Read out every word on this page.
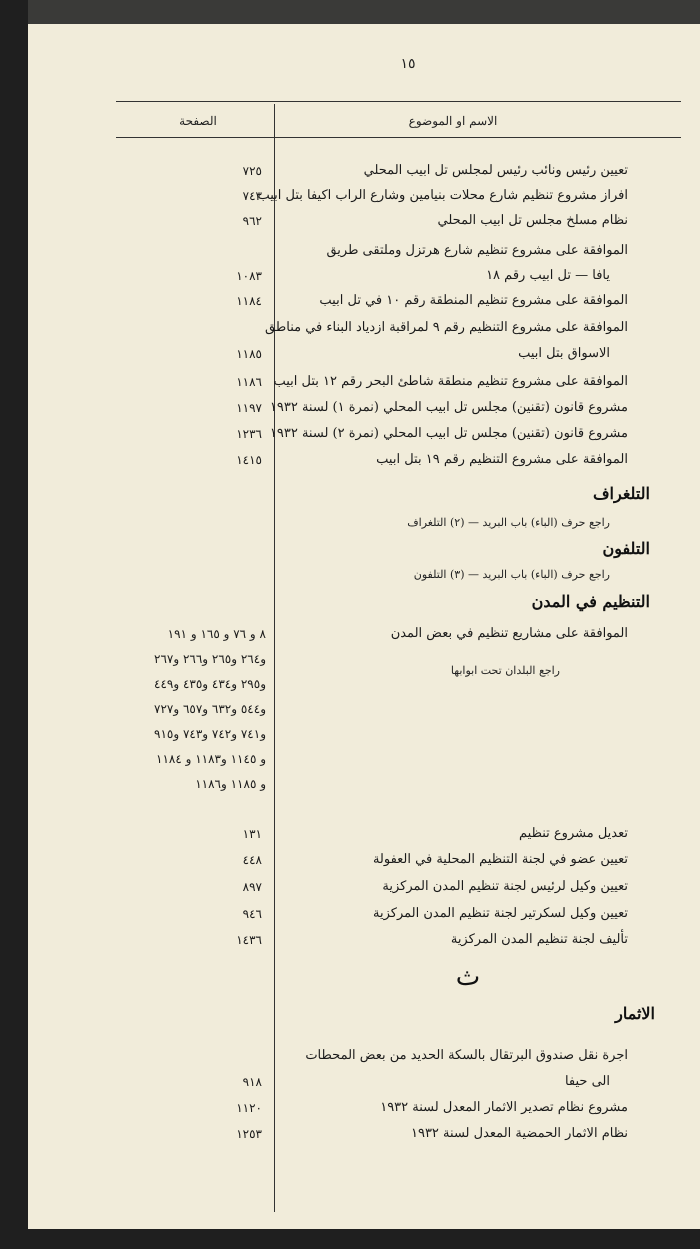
١٥
الاسم او الموضوع
الصفحة
تعيين رئيس ونائب رئيس لمجلس تل ابيب المحلي
٧٢٥
افراز مشروع تنظيم شارع محلات بنيامين وشارع الراب اكيفا بتل ابيب
٧٤٣
نظام مسلخ مجلس تل ابيب المحلي
٩٦٢
الموافقة على مشروع تنظيم شارع هرتزل وملتقى طريق
يافا — تل ابيب رقم ١٨
١٠٨٣
الموافقة على مشروع تنظيم المنطقة رقم ١٠ في تل ابيب
١١٨٤
الموافقة على مشروع التنظيم رقم ٩ لمراقبة ازدياد البناء في مناطق
الاسواق بتل ابيب
١١٨٥
الموافقة على مشروع تنظيم منطقة شاطئ البحر رقم ١٢ بتل ابيب
١١٨٦
مشروع قانون (تقنين) مجلس تل ابيب المحلي (نمرة ١) لسنة ١٩٣٢
١١٩٧
مشروع قانون (تقنين) مجلس تل ابيب المحلي (نمرة ٢) لسنة ١٩٣٢
١٢٣٦
الموافقة على مشروع التنظيم رقم ١٩ بتل ابيب
١٤١٥
التلغراف
راجع حرف (الباء) باب البريد — (٢) التلغراف
التلفون
راجع حرف (الباء) باب البريد — (٣) التلفون
التنظيم في المدن
الموافقة على مشاريع تنظيم في بعض المدن
راجع البلدان تحت ابوابها
٨ و ٧٦ و ١٦٥ و ١٩١
و٢٦٤ و٢٦٥ و٢٦٦ و٢٦٧
و٢٩٥ و٤٣٤ و٤٣٥ و٤٤٩
و٥٤٤ و٦٣٢ و٦٥٧ و٧٢٧
و٧٤١ و٧٤٢ و٧٤٣ و٩١٥
و ١١٤٥ و١١٨٣ و ١١٨٤
و ١١٨٥ و١١٨٦
تعديل مشروع تنظيم
١٣١
تعيين عضو في لجنة التنظيم المحلية في العفولة
٤٤٨
تعيين وكيل لرئيس لجنة تنظيم المدن المركزية
٨٩٧
تعيين وكيل لسكرتير لجنة تنظيم المدن المركزية
٩٤٦
تأليف لجنة تنظيم المدن المركزية
١٤٣٦
ث
الاثمار
اجرة نقل صندوق البرتقال بالسكة الحديد من بعض المحطات
الى حيفا
٩١٨
مشروع نظام تصدير الاثمار المعدل لسنة ١٩٣٢
١١٢٠
نظام الاثمار الحمضية المعدل لسنة ١٩٣٢
١٢٥٣
